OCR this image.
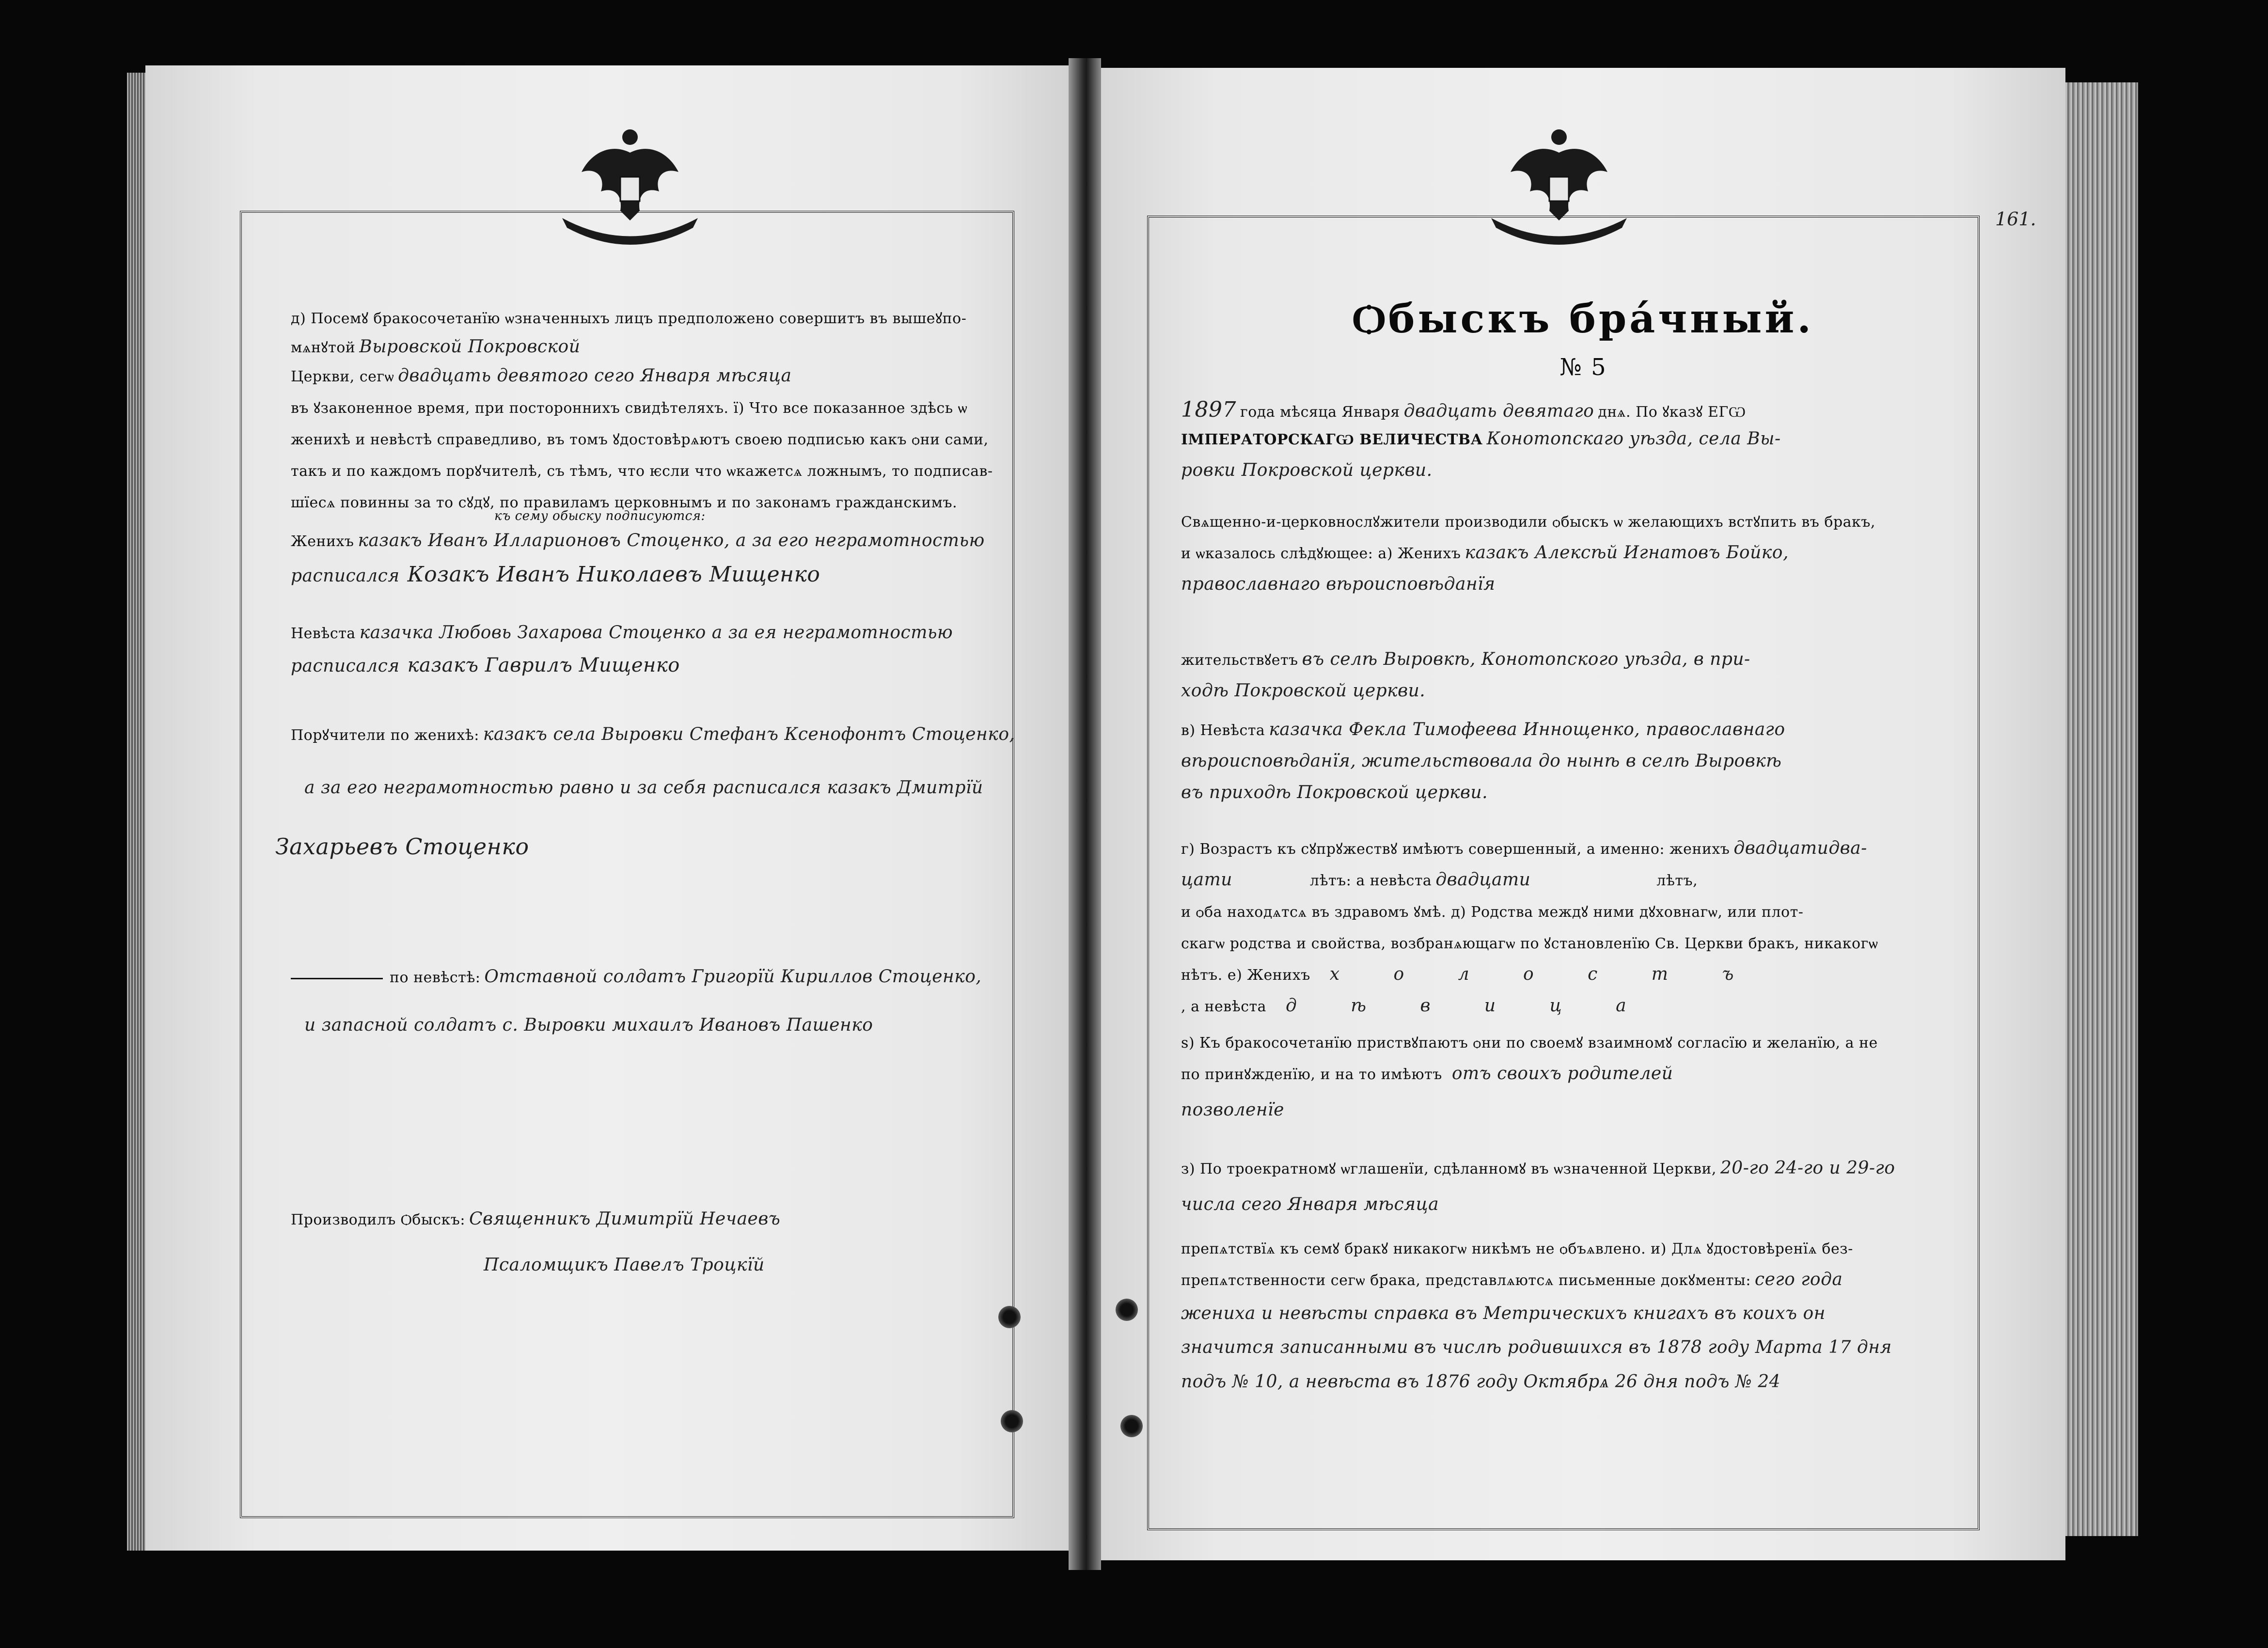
д) Посемꙋ бракосочетанїю ѡзначенныхъ лицъ предположено совершитъ въ вышеꙋпо-
мѧнꙋтой Выровской Покровской
Церкви, сегѡ двадцать девятого сего Января мѣсяца
въ ꙋзаконенное время, при постороннихъ свидѣтеляхъ. ї) Что все показанное здѣсь ѡ
женихѣ и невѣстѣ справедливо, въ томъ ꙋдостовѣрѧютъ своею подписью какъ ѻни сами,
такъ и по каждомъ порꙋчителѣ, съ тѣмъ, что ѥсли что ѡкажетсѧ ложнымъ, то подписав-
шїесѧ повинны за то сꙋдꙋ, по правиламъ церковнымъ и по законамъ гражданскимъ.
къ сему обыску подписуются:
Женихъ казакъ Иванъ Илларионовъ Стоценко, а за его неграмотностью
расписался Козакъ Иванъ Николаевъ Мищенко
Невѣста казачка Любовь Захарова Стоценко а за ея неграмотностью
расписался казакъ Гаврилъ Мищенко
Порꙋчители по женихѣ: казакъ села Выровки Стефанъ Ксенофонтъ Стоценко,
а за его неграмотностью равно и за себя расписался казакъ Дмитрїй
Захарьевъ Стоценко
по невѣстѣ: Отставной солдатъ Григорїй Кириллов Стоценко,
и запасной солдатъ с. Выровки михаилъ Ивановъ Пашенко
Производилъ Ѻбыскъ: Священникъ Димитрїй Нечаевъ
Псаломщикъ Павелъ Троцкїй
161.
Ѻбыскъ бра́чный.
№ 5
1897 года мѣсяца Января двадцать девятаго днѧ. По ꙋказꙋ ЕГѠ
ІМПЕРАТОРСКАГѠ ВЕЛИЧЕСТВА Конотопскаго уѣзда, села Вы-
ровки Покровской церкви.
Свѧщенно-и-церковнослꙋжители производили ѻбыскъ ѡ желающихъ встꙋпить въ бракъ,
и ѡказалось слѣдꙋющее: а) Женихъ казакъ Алексѣй Игнатовъ Бойко,
православнаго вѣроисповѣданїя
жительствꙋетъ въ селѣ Выровкѣ, Конотопского уѣзда, в при-
ходѣ Покровской церкви.
в) Невѣста казачка Фекла Тимофеева Иннощенко, православнаго
вѣроисповѣданїя, жительствовала до нынѣ в селѣ Выровкѣ
въ приходѣ Покровской церкви.
г) Возрастъ къ сꙋпрꙋжествꙋ имѣютъ совершенный, а именно: женихъ двадцатидва-
цати	лѣтъ: а невѣста двадцати	лѣтъ,
и ѻба находѧтсѧ въ здравомъ ꙋмѣ. д) Родства междꙋ ними дꙋховнагѡ, или плот-
скагѡ родства и свойства, возбранѧющагѡ по ꙋстановленїю Св. Церкви бракъ, никакогѡ
нѣтъ. е) Женихъ х о л о с т ъ
, а невѣста д ѣ в и ц а
ѕ) Къ бракосочетанїю приствꙋпаютъ ѻни по своемꙋ взаимномꙋ согласїю и желанїю, а не
по принꙋжденїю, и на то имѣютъ отъ своихъ родителей
позволенїе
з) По троекратномꙋ ѡглашенїи, сдѣланномꙋ въ ѡзначенной Церкви, 20-го 24-го и 29-го
числа сего Января мѣсяца
препѧтствїѧ къ семꙋ бракꙋ никакогѡ никѣмъ не ѻбъѧвлено. и) Длѧ ꙋдостовѣренїѧ без-
препѧтственности сегѡ брака, представлѧютсѧ письменные докꙋменты: сего года
жениха и невѣсты справка въ Метрическихъ книгахъ въ коихъ он
значится записанными въ числѣ родившихся въ 1878 году Марта 17 дня
подъ № 10, а невѣста въ 1876 году Октябрѧ 26 дня подъ № 24
